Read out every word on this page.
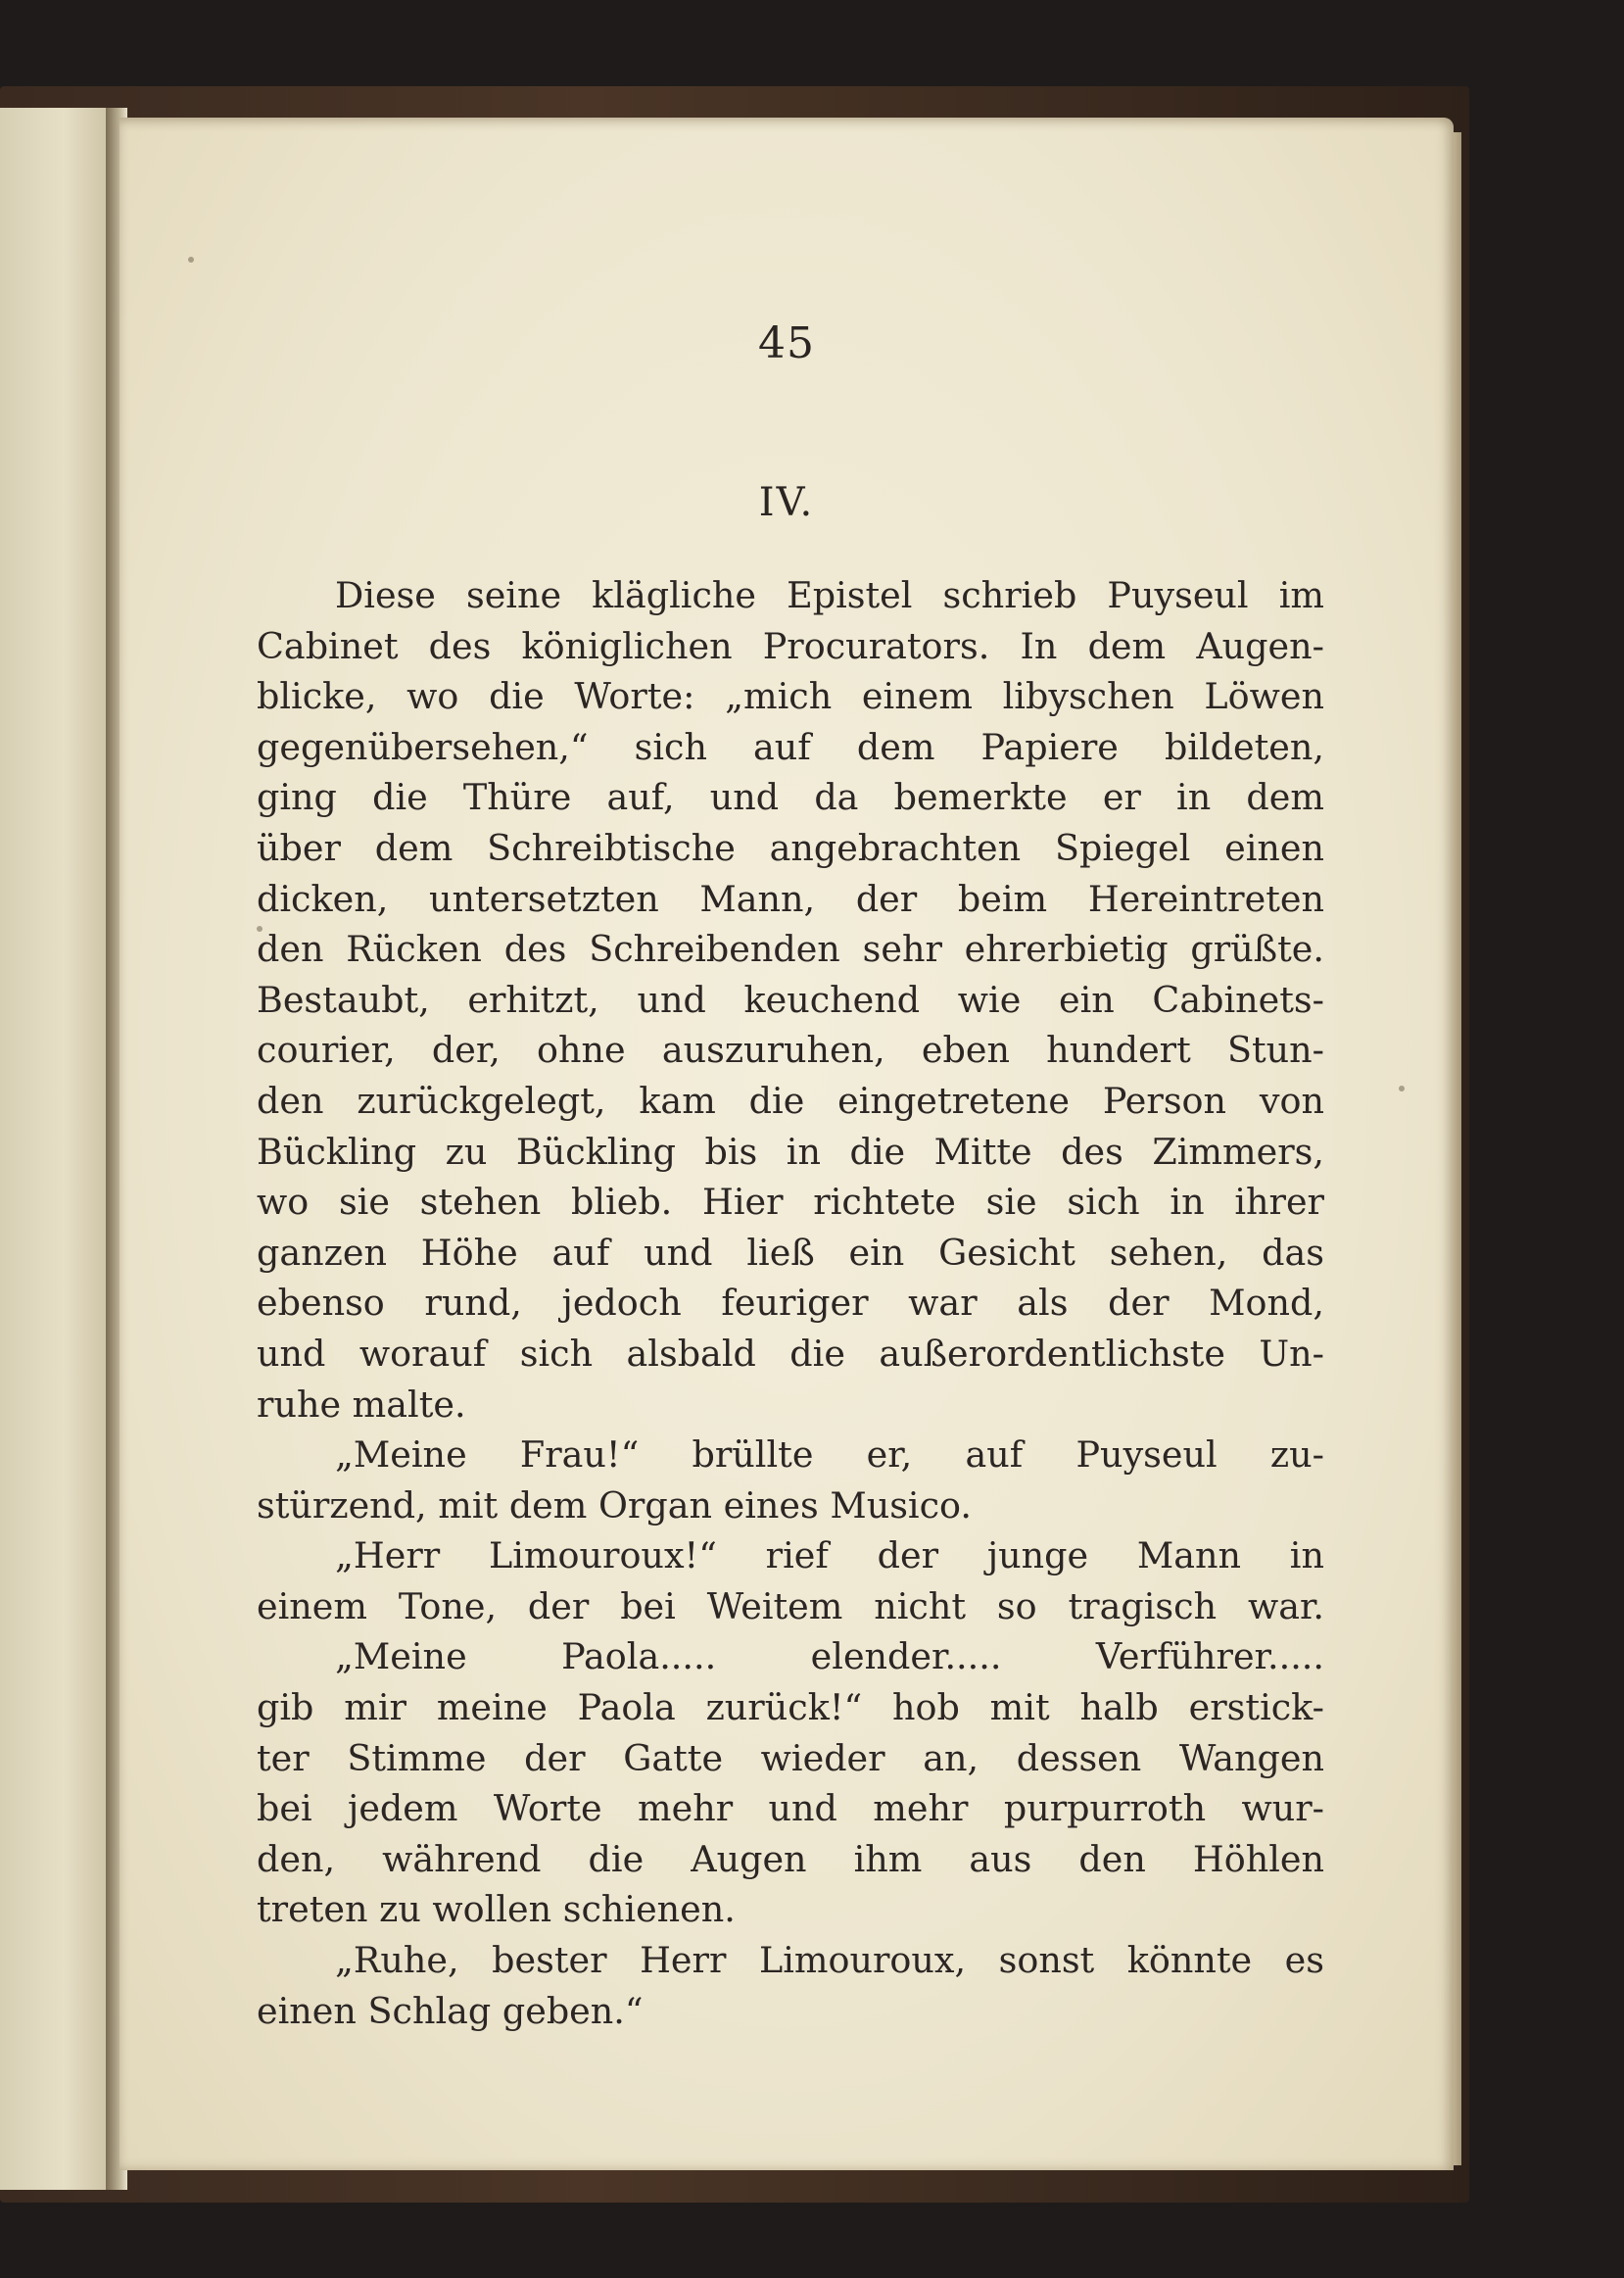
45
IV.
Diese seine klägliche Epistel schrieb Puyseul im
Cabinet des königlichen Procurators. In dem Augen-
blicke, wo die Worte: „mich einem libyschen Löwen
gegenübersehen,“ sich auf dem Papiere bildeten,
ging die Thüre auf, und da bemerkte er in dem
über dem Schreibtische angebrachten Spiegel einen
dicken, untersetzten Mann, der beim Hereintreten
den Rücken des Schreibenden sehr ehrerbietig grüßte.
Bestaubt, erhitzt, und keuchend wie ein Cabinets-
courier, der, ohne auszuruhen, eben hundert Stun-
den zurückgelegt, kam die eingetretene Person von
Bückling zu Bückling bis in die Mitte des Zimmers,
wo sie stehen blieb. Hier richtete sie sich in ihrer
ganzen Höhe auf und ließ ein Gesicht sehen, das
ebenso rund, jedoch feuriger war als der Mond,
und worauf sich alsbald die außerordentlichste Un-
ruhe malte.
„Meine Frau!“ brüllte er, auf Puyseul zu-
stürzend, mit dem Organ eines Musico.
„Herr Limouroux!“ rief der junge Mann in
einem Tone, der bei Weitem nicht so tragisch war.
„Meine Paola..... elender..... Verführer.....
gib mir meine Paola zurück!“ hob mit halb erstick-
ter Stimme der Gatte wieder an, dessen Wangen
bei jedem Worte mehr und mehr purpurroth wur-
den, während die Augen ihm aus den Höhlen
treten zu wollen schienen.
„Ruhe, bester Herr Limouroux, sonst könnte es
einen Schlag geben.“
